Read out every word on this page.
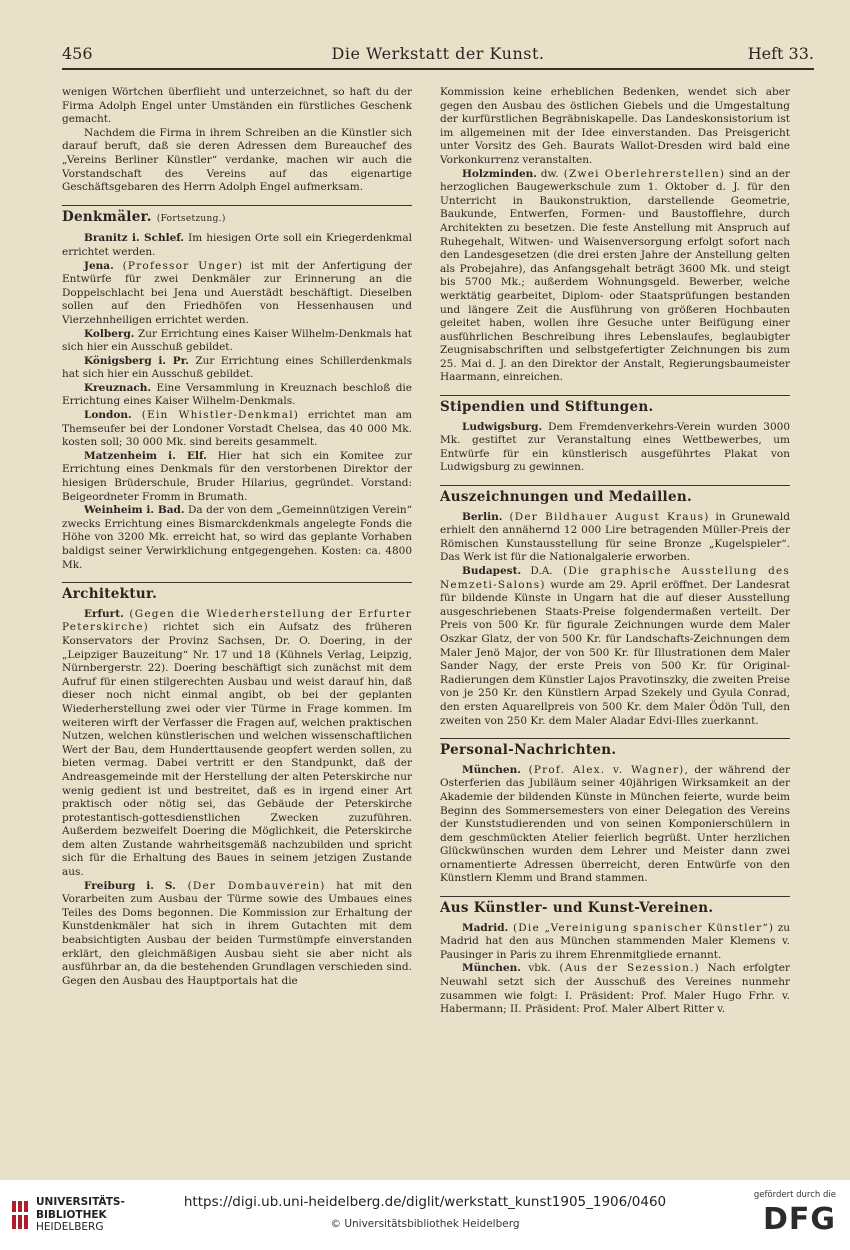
456	Die Werkstatt der Kunst.	Heft 33.

wenigen Wörtchen überflieht und unterzeichnet, so haft du der Firma Adolph Engel unter Umständen ein fürstliches Geschenk gemacht.

Nachdem die Firma in ihrem Schreiben an die Künstler sich darauf beruft, daß sie deren Adressen dem Bureauchef des „Vereins Berliner Künstler“ verdanke, machen wir auch die Vorstandschaft des Vereins auf das eigenartige Geschäftsgebaren des Herrn Adolph Engel aufmerksam.

Denkmäler. (Fortsetzung.)

Branitz i. Schlef. Im hiesigen Orte soll ein Kriegerdenkmal errichtet werden.

Jena. (Professor Unger) ist mit der Anfertigung der Entwürfe für zwei Denkmäler zur Erinnerung an die Doppelschlacht bei Jena und Auerstädt beschäftigt. Dieselben sollen auf den Friedhöfen von Hessenhausen und Vierzehnheiligen errichtet werden.

Kolberg. Zur Errichtung eines Kaiser Wilhelm-Denkmals hat sich hier ein Ausschuß gebildet.

Königsberg i. Pr. Zur Errichtung eines Schillerdenkmals hat sich hier ein Ausschuß gebildet.

Kreuznach. Eine Versammlung in Kreuznach beschloß die Errichtung eines Kaiser Wilhelm-Denkmals.

London. (Ein Whistler-Denkmal) errichtet man am Themseufer bei der Londoner Vorstadt Chelsea, das 40 000 Mk. kosten soll; 30 000 Mk. sind bereits gesammelt.

Matzenheim i. Elf. Hier hat sich ein Komitee zur Errichtung eines Denkmals für den verstorbenen Direktor der hiesigen Brüderschule, Bruder Hilarius, gegründet. Vorstand: Beigeordneter Fromm in Brumath.

Weinheim i. Bad. Da der von dem „Gemeinnützigen Verein“ zwecks Errichtung eines Bismarckdenkmals angelegte Fonds die Höhe von 3200 Mk. erreicht hat, so wird das geplante Vorhaben baldigst seiner Verwirklichung entgegengehen. Kosten: ca. 4800 Mk.

Architektur.

Erfurt. (Gegen die Wiederherstellung der Erfurter Peterskirche) richtet sich ein Aufsatz des früheren Konservators der Provinz Sachsen, Dr. O. Doering, in der „Leipziger Bauzeitung“ Nr. 17 und 18 (Kühnels Verlag, Leipzig, Nürnbergerstr. 22). Doering beschäftigt sich zunächst mit dem Aufruf für einen stilgerechten Ausbau und weist darauf hin, daß dieser noch nicht einmal angibt, ob bei der geplanten Wiederherstellung zwei oder vier Türme in Frage kommen. Im weiteren wirft der Verfasser die Fragen auf, welchen praktischen Nutzen, welchen künstlerischen und welchen wissenschaftlichen Wert der Bau, dem Hunderttausende geopfert werden sollen, zu bieten vermag. Dabei vertritt er den Standpunkt, daß der Andreasgemeinde mit der Herstellung der alten Peterskirche nur wenig gedient ist und bestreitet, daß es in irgend einer Art praktisch oder nötig sei, das Gebäude der Peterskirche protestantisch-gottesdienstlichen Zwecken zuzuführen. Außerdem bezweifelt Doering die Möglichkeit, die Peterskirche dem alten Zustande wahrheitsgemäß nachzubilden und spricht sich für die Erhaltung des Baues in seinem jetzigen Zustande aus.

Freiburg i. S. (Der Dombauverein) hat mit den Vorarbeiten zum Ausbau der Türme sowie des Umbaues eines Teiles des Doms begonnen. Die Kommission zur Erhaltung der Kunstdenkmäler hat sich in ihrem Gutachten mit dem beabsichtigten Ausbau der beiden Turmstümpfe einverstanden erklärt, den gleichmäßigen Ausbau sieht sie aber nicht als ausführbar an, da die bestehenden Grundlagen verschieden sind. Gegen den Ausbau des Hauptportals hat die

Kommission keine erheblichen Bedenken, wendet sich aber gegen den Ausbau des östlichen Giebels und die Umgestaltung der kurfürstlichen Begräbniskapelle. Das Landeskonsistorium ist im allgemeinen mit der Idee einverstanden. Das Preisgericht unter Vorsitz des Geh. Baurats Wallot-Dresden wird bald eine Vorkonkurrenz veranstalten.

Holzminden. dw. (Zwei Oberlehrerstellen) sind an der herzoglichen Baugewerkschule zum 1. Oktober d. J. für den Unterricht in Baukonstruktion, darstellende Geometrie, Baukunde, Entwerfen, Formen- und Baustofflehre, durch Architekten zu besetzen. Die feste Anstellung mit Anspruch auf Ruhegehalt, Witwen- und Waisenversorgung erfolgt sofort nach den Landesgesetzen (die drei ersten Jahre der Anstellung gelten als Probejahre), das Anfangsgehalt beträgt 3600 Mk. und steigt bis 5700 Mk.; außerdem Wohnungsgeld. Bewerber, welche werktätig gearbeitet, Diplom- oder Staatsprüfungen bestanden und längere Zeit die Ausführung von größeren Hochbauten geleitet haben, wollen ihre Gesuche unter Beifügung einer ausführlichen Beschreibung ihres Lebenslaufes, beglaubigter Zeugnisabschriften und selbstgefertigter Zeichnungen bis zum 25. Mai d. J. an den Direktor der Anstalt, Regierungsbaumeister Haarmann, einreichen.

Stipendien und Stiftungen.

Ludwigsburg. Dem Fremdenverkehrs-Verein wurden 3000 Mk. gestiftet zur Veranstaltung eines Wettbewerbes, um Entwürfe für ein künstlerisch ausgeführtes Plakat von Ludwigsburg zu gewinnen.

Auszeichnungen und Medaillen.

Berlin. (Der Bildhauer August Kraus) in Grunewald erhielt den annähernd 12 000 Lire betragenden Müller-Preis der Römischen Kunstausstellung für seine Bronze „Kugelspieler“. Das Werk ist für die Nationalgalerie erworben.

Budapest. D.A. (Die graphische Ausstellung des Nemzeti-Salons) wurde am 29. April eröffnet. Der Landesrat für bildende Künste in Ungarn hat die auf dieser Ausstellung ausgeschriebenen Staats-Preise folgendermaßen verteilt. Der Preis von 500 Kr. für figurale Zeichnungen wurde dem Maler Oszkar Glatz, der von 500 Kr. für Landschafts-Zeichnungen dem Maler Jenö Major, der von 500 Kr. für Illustrationen dem Maler Sander Nagy, der erste Preis von 500 Kr. für Original-Radierungen dem Künstler Lajos Pravotinszky, die zweiten Preise von je 250 Kr. den Künstlern Arpad Szekely und Gyula Conrad, den ersten Aquarellpreis von 500 Kr. dem Maler Ödön Tull, den zweiten von 250 Kr. dem Maler Aladar Edvi-Illes zuerkannt.

Personal-Nachrichten.

München. (Prof. Alex. v. Wagner), der während der Osterferien das Jubiläum seiner 40jährigen Wirksamkeit an der Akademie der bildenden Künste in München feierte, wurde beim Beginn des Sommersemesters von einer Delegation des Vereins der Kunststudierenden und von seinen Komponierschülern in dem geschmückten Atelier feierlich begrüßt. Unter herzlichen Glückwünschen wurden dem Lehrer und Meister dann zwei ornamentierte Adressen überreicht, deren Entwürfe von den Künstlern Klemm und Brand stammen.

Aus Künstler- und Kunst-Vereinen.

Madrid. (Die „Vereinigung spanischer Künstler“) zu Madrid hat den aus München stammenden Maler Klemens v. Pausinger in Paris zu ihrem Ehrenmitgliede ernannt.

München. vbk. (Aus der Sezession.) Nach erfolgter Neuwahl setzt sich der Ausschuß des Vereines nunmehr zusammen wie folgt: I. Präsident: Prof. Maler Hugo Frhr. v. Habermann; II. Präsident: Prof. Maler Albert Ritter v.

UNIVERSITÄTS-
BIBLIOTHEK
HEIDELBERG
https://digi.ub.uni-heidelberg.de/diglit/werkstatt_kunst1905_1906/0460
© Universitätsbibliothek Heidelberg
gefördert durch die
DFG
